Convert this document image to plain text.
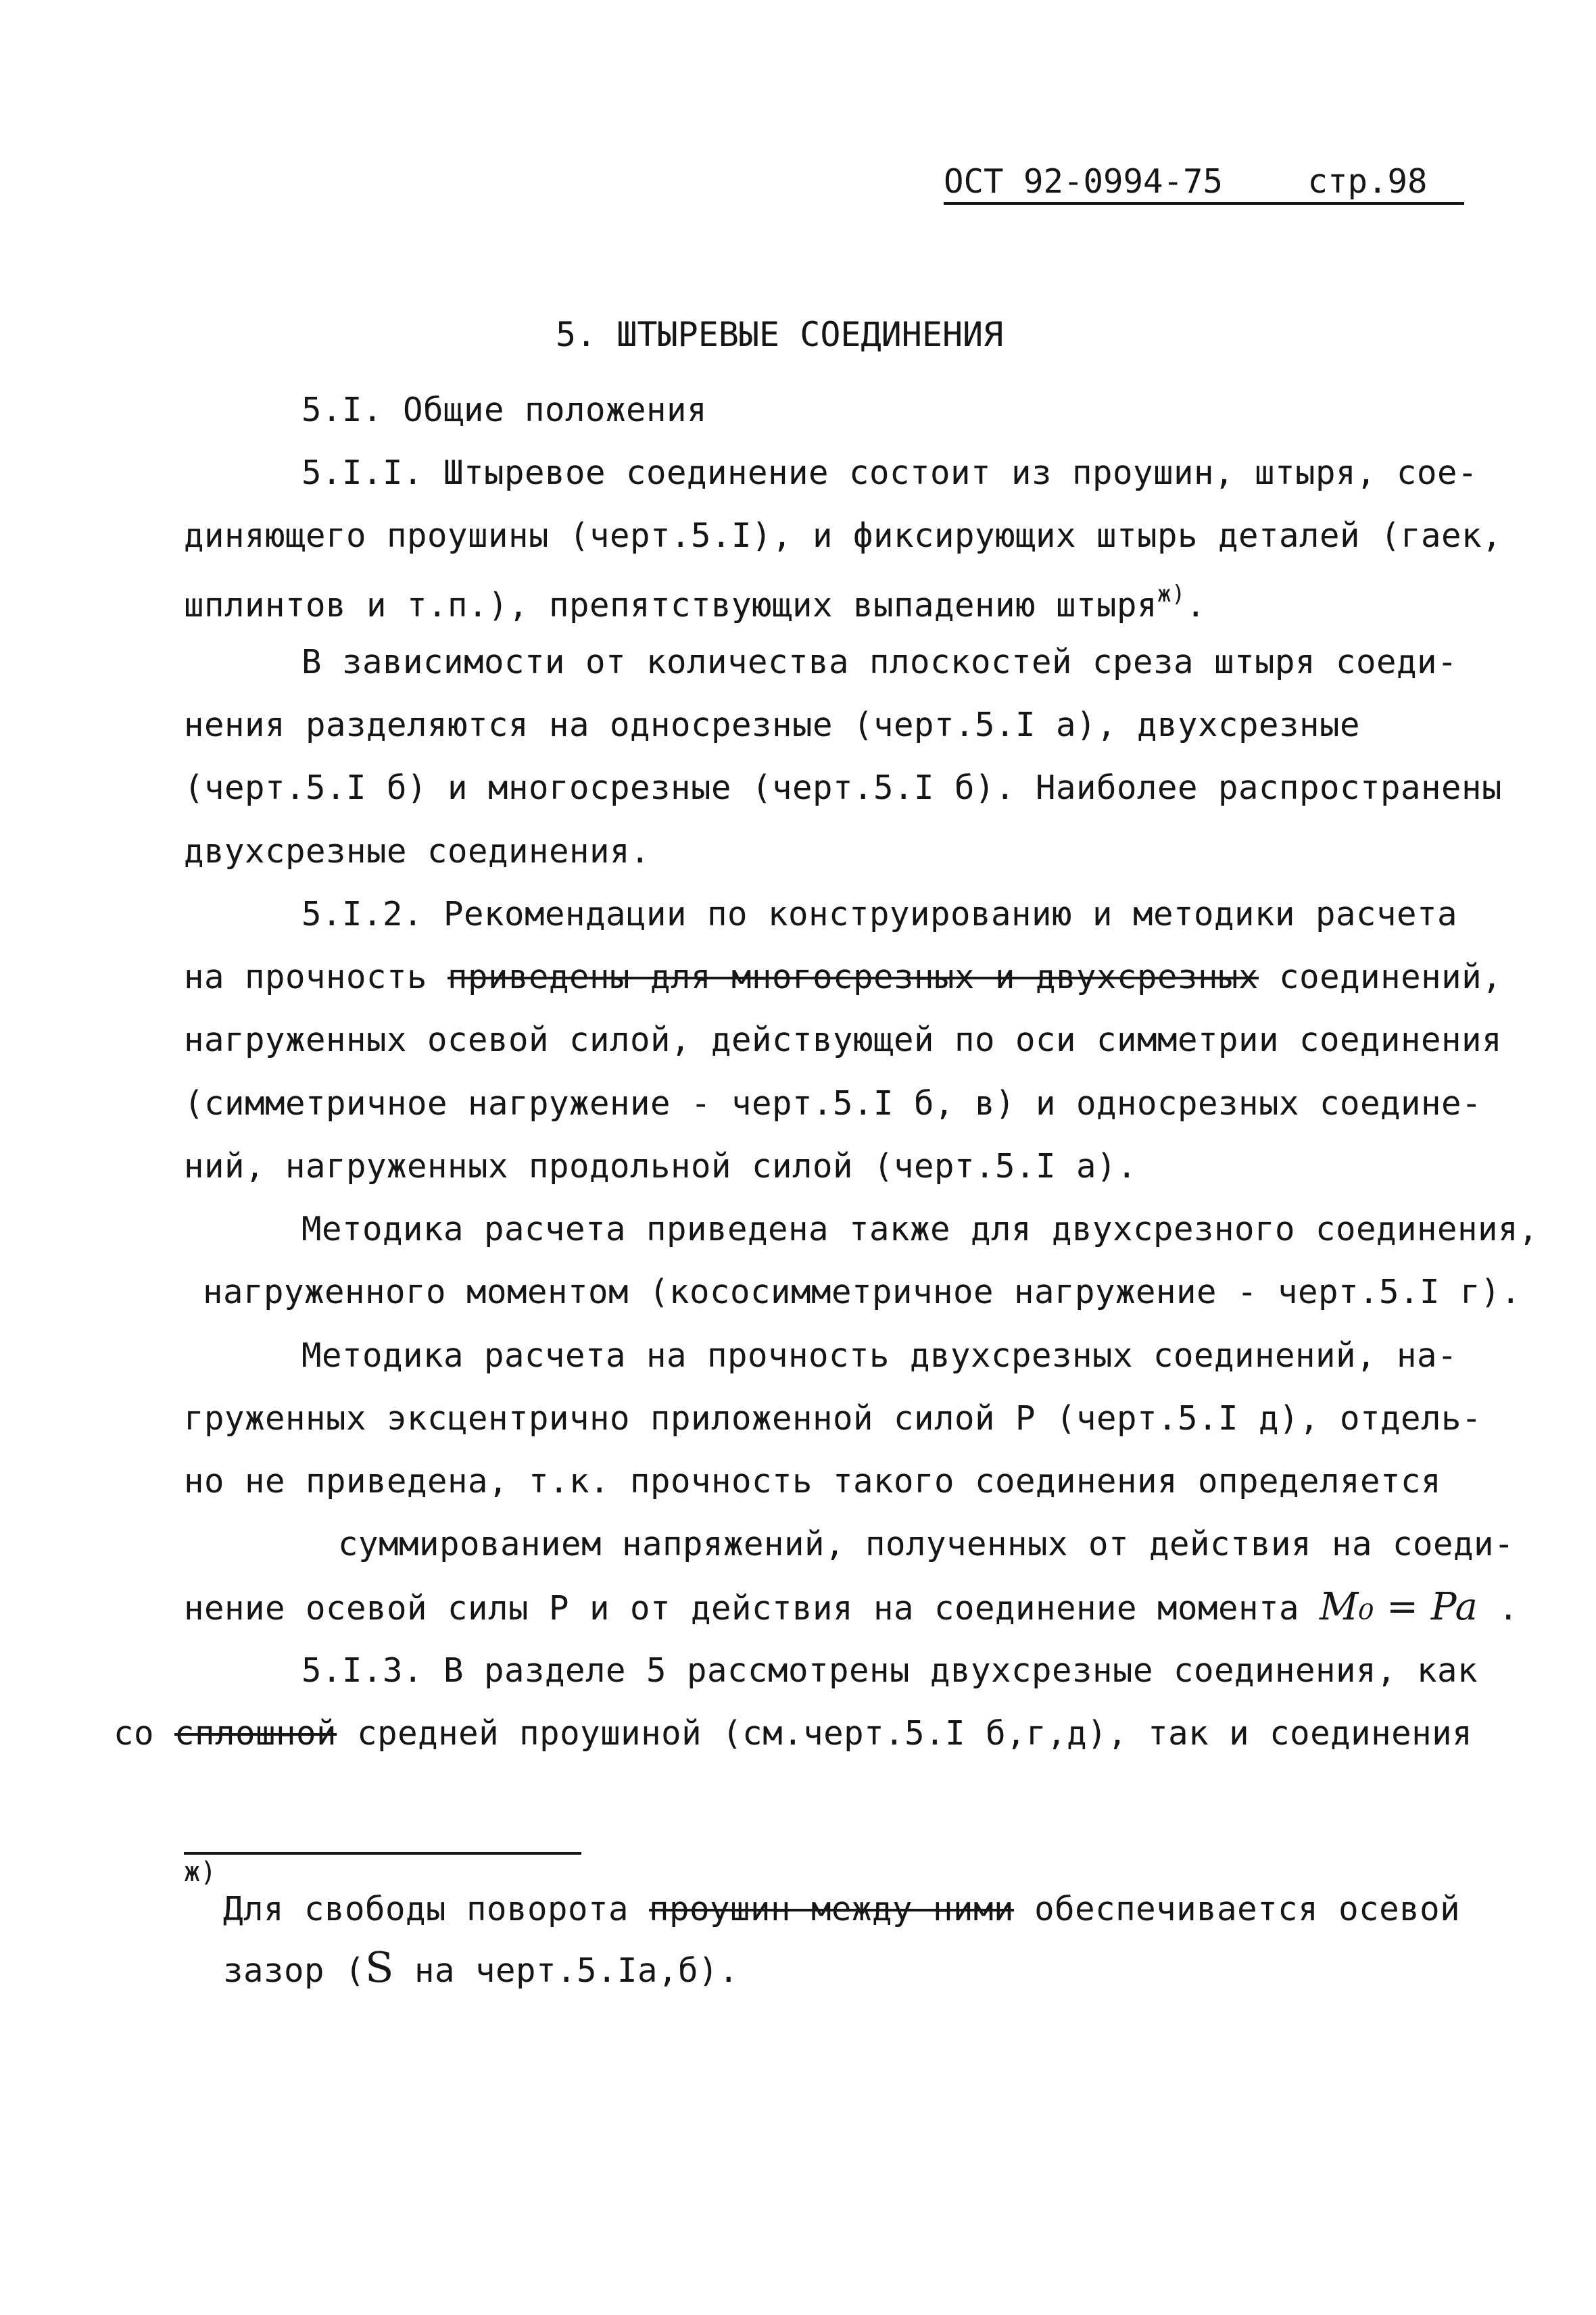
ОСТ 92-0994-75	стр.98
5. ШТЫРЕВЫЕ СОЕДИНЕНИЯ
5.I. Общие положения
5.I.I. Штыревое соединение состоит из проушин, штыря, сое-
диняющего проушины (черт.5.I), и фиксирующих штырь деталей (гаек,
шплинтов и т.п.), препятствующих выпадению штыря$^{ж)}$.
В зависимости от количества плоскостей среза штыря соеди-
нения разделяются на односрезные (черт.5.I а), двухсрезные
(черт.5.I б) и многосрезные (черт.5.I б). Наиболее распространены
двухсрезные соединения.
5.I.2. Рекомендации по конструированию и методики расчета
на прочность приведены для многосрезных и двухсрезных соединений,
нагруженных осевой силой, действующей по оси симметрии соединения
(симметричное нагружение - черт.5.I б, в) и односрезных соедине-
ний, нагруженных продольной силой (черт.5.I а).
Методика расчета приведена также для двухсрезного соединения,
нагруженного моментом (кососимметричное нагружение - черт.5.I г).
Методика расчета на прочность двухсрезных соединений, на-
груженных эксцентрично приложенной силой Р (черт.5.I д), отдель-
но не приведена, т.к. прочность такого соединения определяется
суммированием напряжений, полученных от действия на соеди-
нение осевой силы Р и от действия на соединение момента M₀ = Pa .
5.I.3. В разделе 5 рассмотрены двухсрезные соединения, как
со сплошной средней проушиной (см.черт.5.I б,г,д), так и соединения
ж)
Для свободы поворота проушин между ними обеспечивается осевой
зазор (S на черт.5.Iа,б).
